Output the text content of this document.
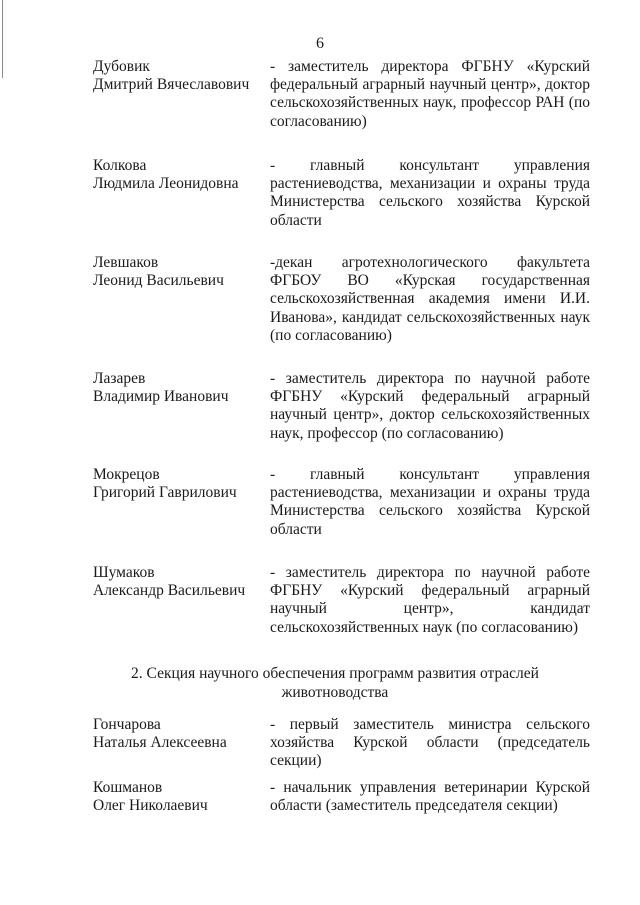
6
Дубовик
Дмитрий Вячеславович
- заместитель директора ФГБНУ «Курский федеральный аграрный научный центр», доктор сельскохозяйственных наук, профессор РАН (по согласованию)
Колкова
Людмила Леонидовна
- главный консультант управления растениеводства, механизации и охраны труда Министерства сельского хозяйства Курской области
Левшаков
Леонид Васильевич
-декан агротехнологического факультета ФГБОУ ВО «Курская государственная сельскохозяйственная академия имени И.И. Иванова», кандидат сельскохозяйственных наук (по согласованию)
Лазарев
Владимир Иванович
- заместитель директора по научной работе ФГБНУ «Курский федеральный аграрный научный центр», доктор сельскохозяйственных наук, профессор (по согласованию)
Мокрецов
Григорий Гаврилович
- главный консультант управления растениеводства, механизации и охраны труда Министерства сельского хозяйства Курской области
Шумаков
Александр Васильевич
- заместитель директора по научной работе ФГБНУ «Курский федеральный аграрный научный центр», кандидат сельскохозяйственных наук (по согласованию)
2. Секция научного обеспечения программ развития отраслей
животноводства
Гончарова
Наталья Алексеевна
- первый заместитель министра сельского хозяйства Курской области (председатель секции)
Кошманов
Олег Николаевич
- начальник управления ветеринарии Курской области (заместитель председателя секции)
